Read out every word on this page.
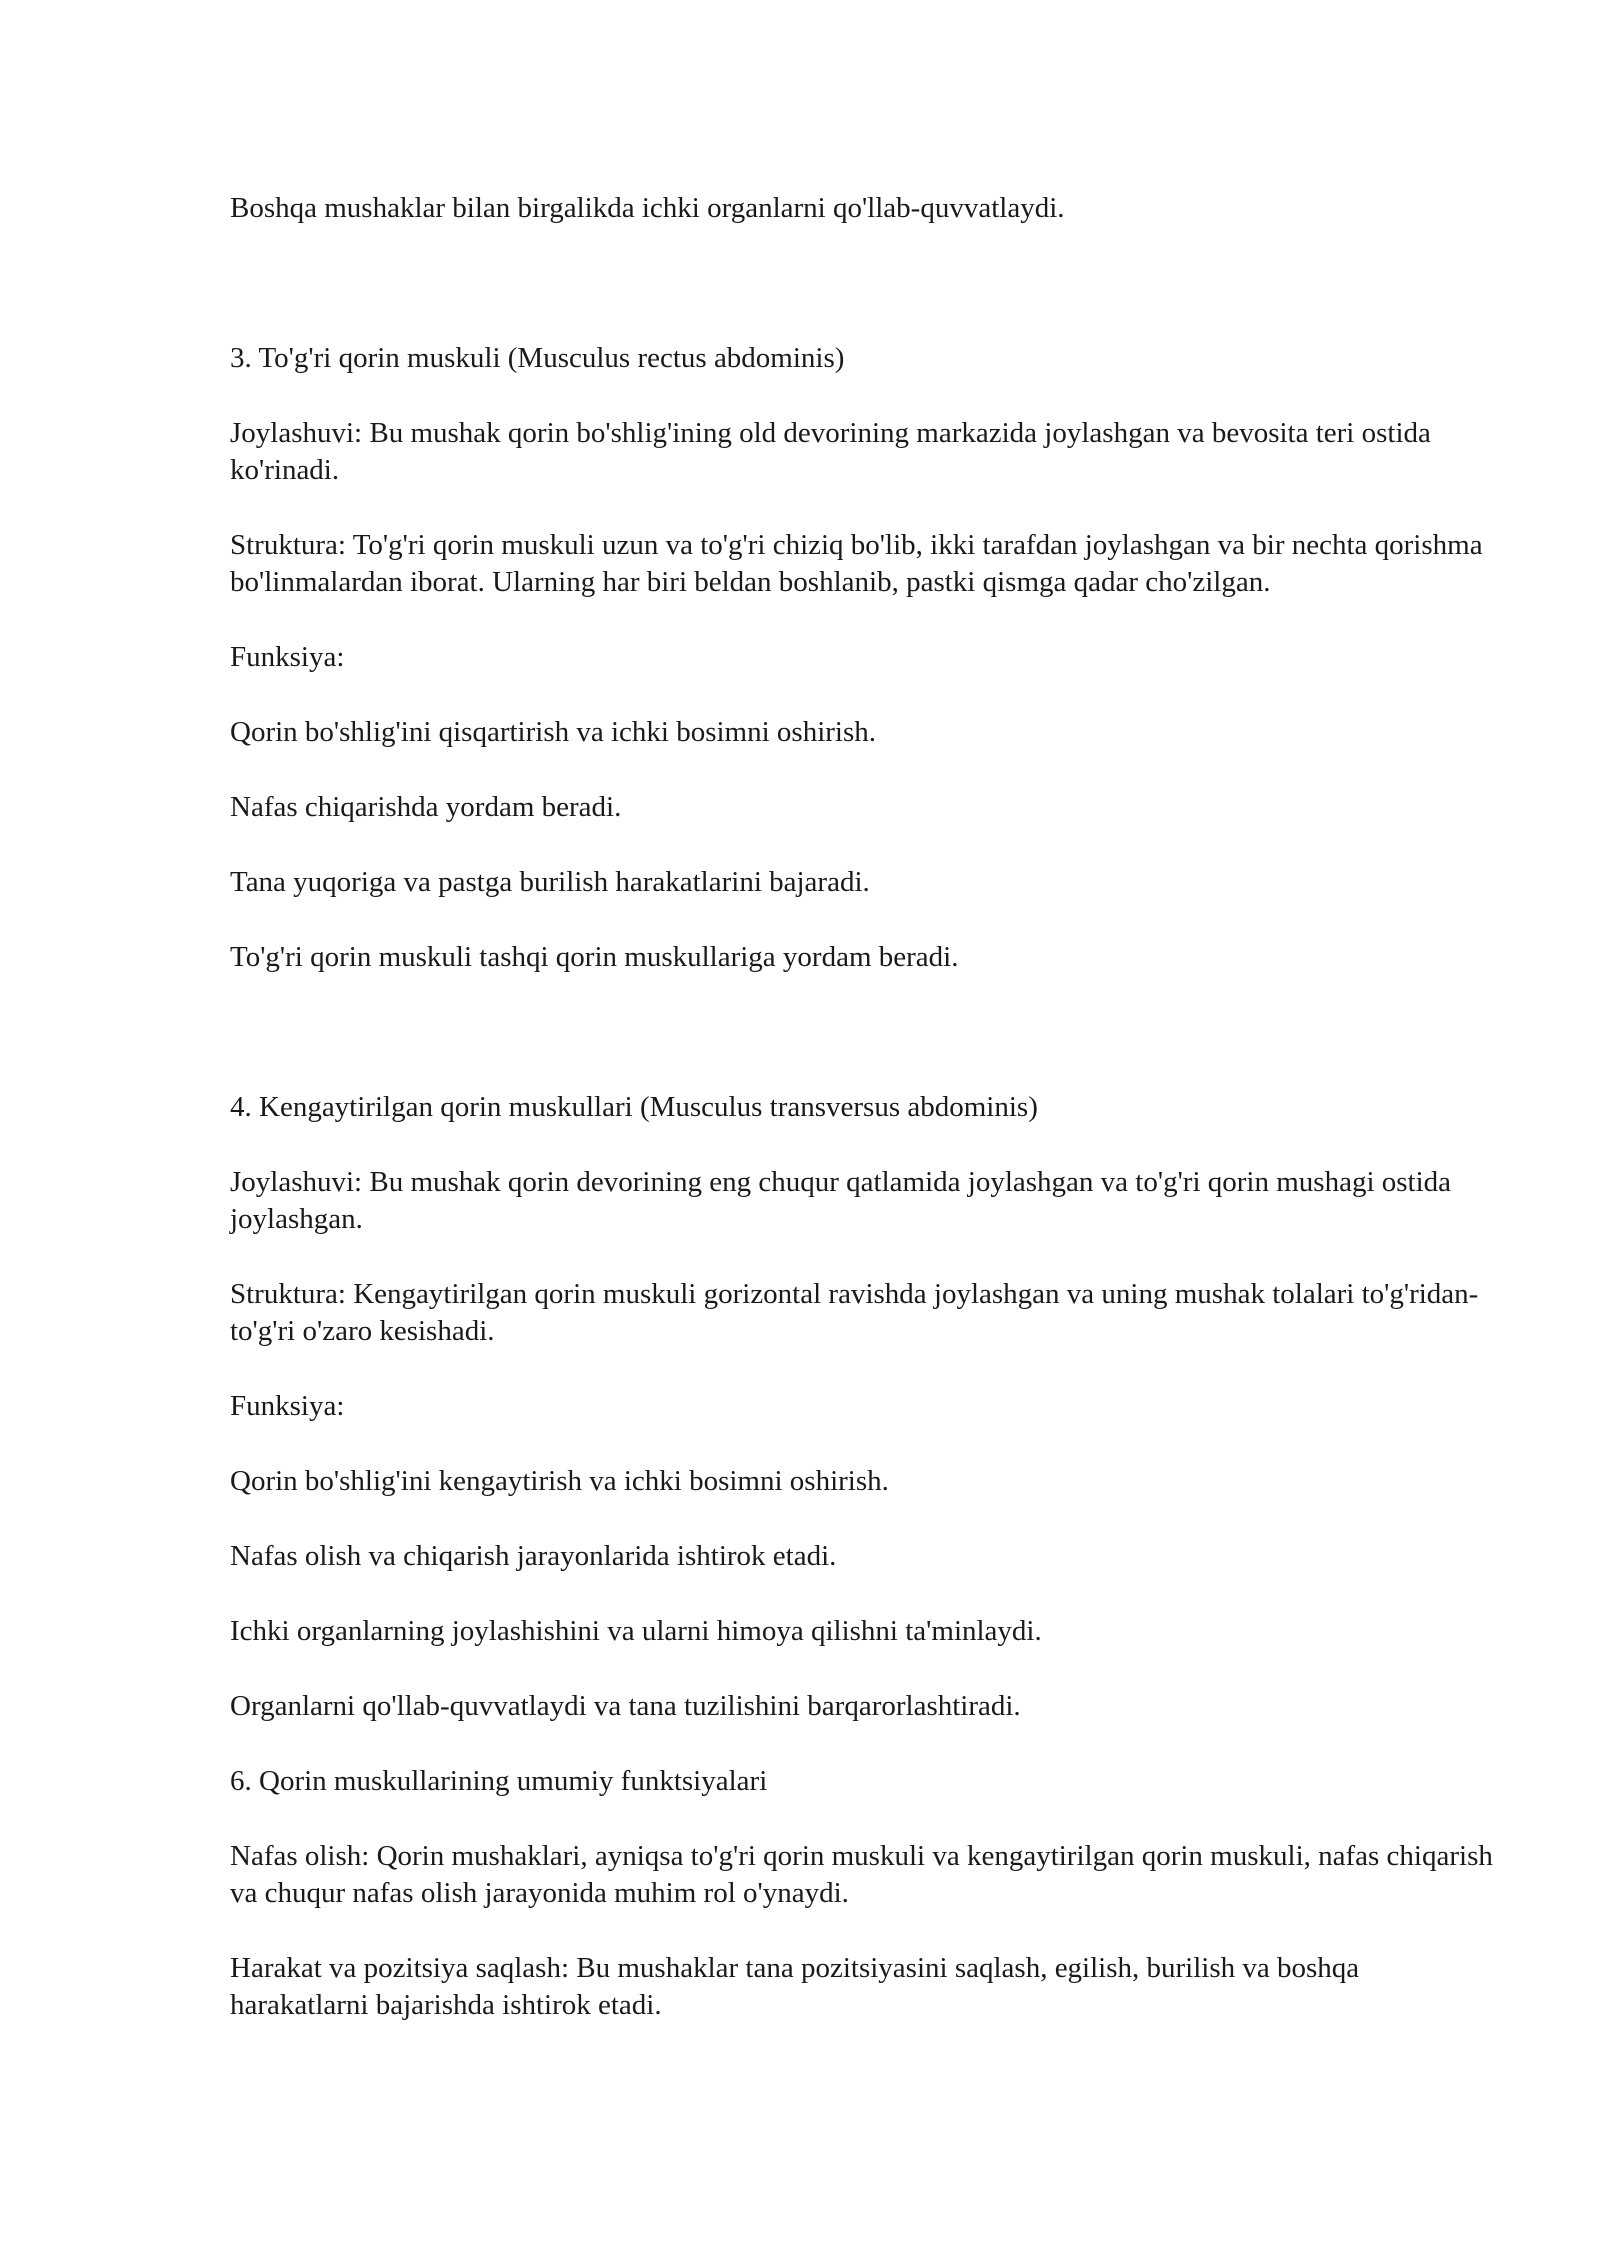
Boshqa mushaklar bilan birgalikda ichki organlarni qo'llab-quvvatlaydi.

3. To'g'ri qorin muskuli (Musculus rectus abdominis)

Joylashuvi: Bu mushak qorin bo'shlig'ining old devorining markazida joylashgan va bevosita teri ostida ko'rinadi.

Struktura: To'g'ri qorin muskuli uzun va to'g'ri chiziq bo'lib, ikki tarafdan joylashgan va bir nechta qorishma bo'linmalardan iborat. Ularning har biri beldan boshlanib, pastki qismga qadar cho'zilgan.

Funksiya:

Qorin bo'shlig'ini qisqartirish va ichki bosimni oshirish.

Nafas chiqarishda yordam beradi.

Tana yuqoriga va pastga burilish harakatlarini bajaradi.

To'g'ri qorin muskuli tashqi qorin muskullariga yordam beradi.

4. Kengaytirilgan qorin muskullari (Musculus transversus abdominis)

Joylashuvi: Bu mushak qorin devorining eng chuqur qatlamida joylashgan va to'g'ri qorin mushagi ostida joylashgan.

Struktura: Kengaytirilgan qorin muskuli gorizontal ravishda joylashgan va uning mushak tolalari to'g'ridan-to'g'ri o'zaro kesishadi.

Funksiya:

Qorin bo'shlig'ini kengaytirish va ichki bosimni oshirish.

Nafas olish va chiqarish jarayonlarida ishtirok etadi.

Ichki organlarning joylashishini va ularni himoya qilishni ta'minlaydi.

Organlarni qo'llab-quvvatlaydi va tana tuzilishini barqarorlashtiradi.

6. Qorin muskullarining umumiy funktsiyalari

Nafas olish: Qorin mushaklari, ayniqsa to'g'ri qorin muskuli va kengaytirilgan qorin muskuli, nafas chiqarish va chuqur nafas olish jarayonida muhim rol o'ynaydi.

Harakat va pozitsiya saqlash: Bu mushaklar tana pozitsiyasini saqlash, egilish, burilish va boshqa harakatlarni bajarishda ishtirok etadi.
